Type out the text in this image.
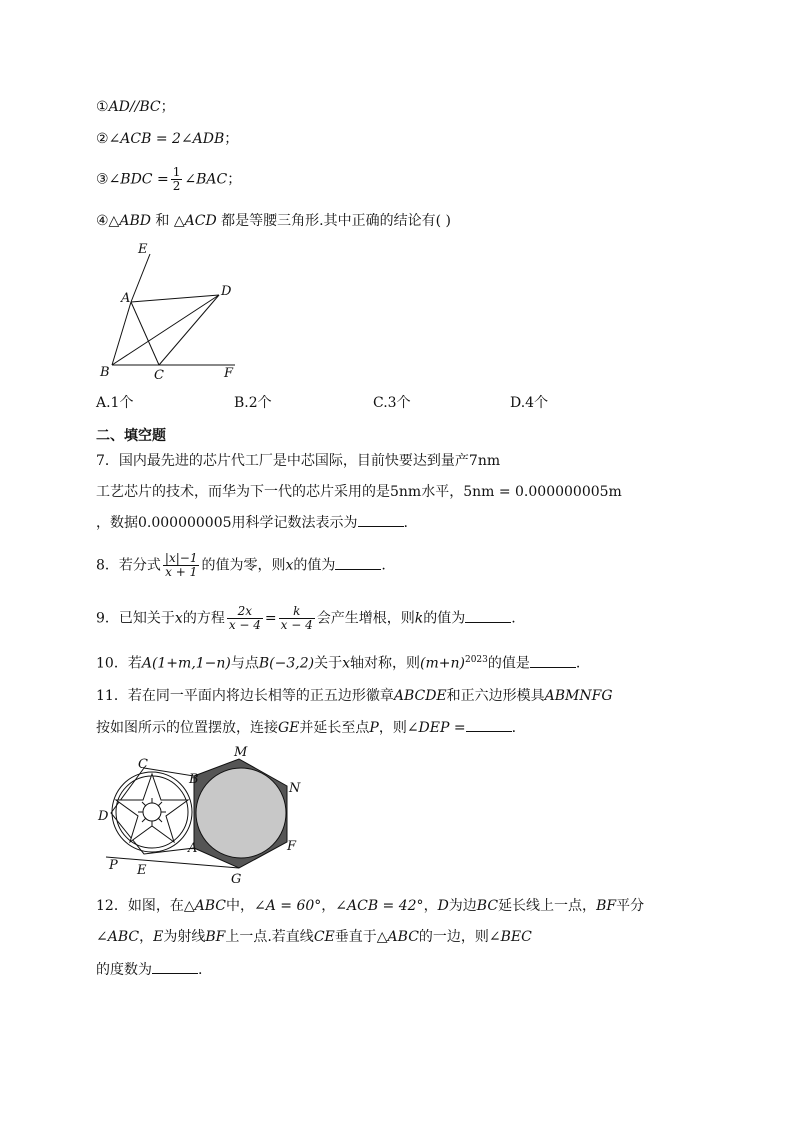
①AD//BC；
②∠ACB = 2∠ADB；
③∠BDC = $\frac{1}{2}$ ∠BAC；
④△ABD 和 △ACD 都是等腰三角形.其中正确的结论有( )
E
A	D
B	C	F
A.1个	B.2个	C.3个	D.4个
二、填空题
7．国内最先进的芯片代工厂是中芯国际，目前快要达到量产7nm
工艺芯片的技术，而华为下一代的芯片采用的是5nm水平，5nm = 0.000000005m
，数据0.000000005用科学记数法表示为	.
8．若分式 $\frac{|x|-1}{x + 1}$ 的值为零，则x的值为	.
9．已知关于x的方程 $\frac{2x}{x - 4} = \frac{k}{x - 4}$ 会产生增根，则k的值为	.
10．若A(1+m,1−n)与点B(−3,2)关于x轴对称，则$(m+n)^{2023}$的值是	.
11．若在同一平面内将边长相等的正五边形徽章ABCDE和正六边形模具ABMNFG
按如图所示的位置摆放，连接GE并延长至点P，则∠DEP =	.
M
C
B
N
D
F
P
A
E
G
12．如图，在△ABC中，∠A = 60°，∠ACB = 42°，D为边BC延长线上一点，BF平分
∠ABC，E为射线BF上一点.若直线CE垂直于△ABC的一边，则∠BEC
的度数为	.
